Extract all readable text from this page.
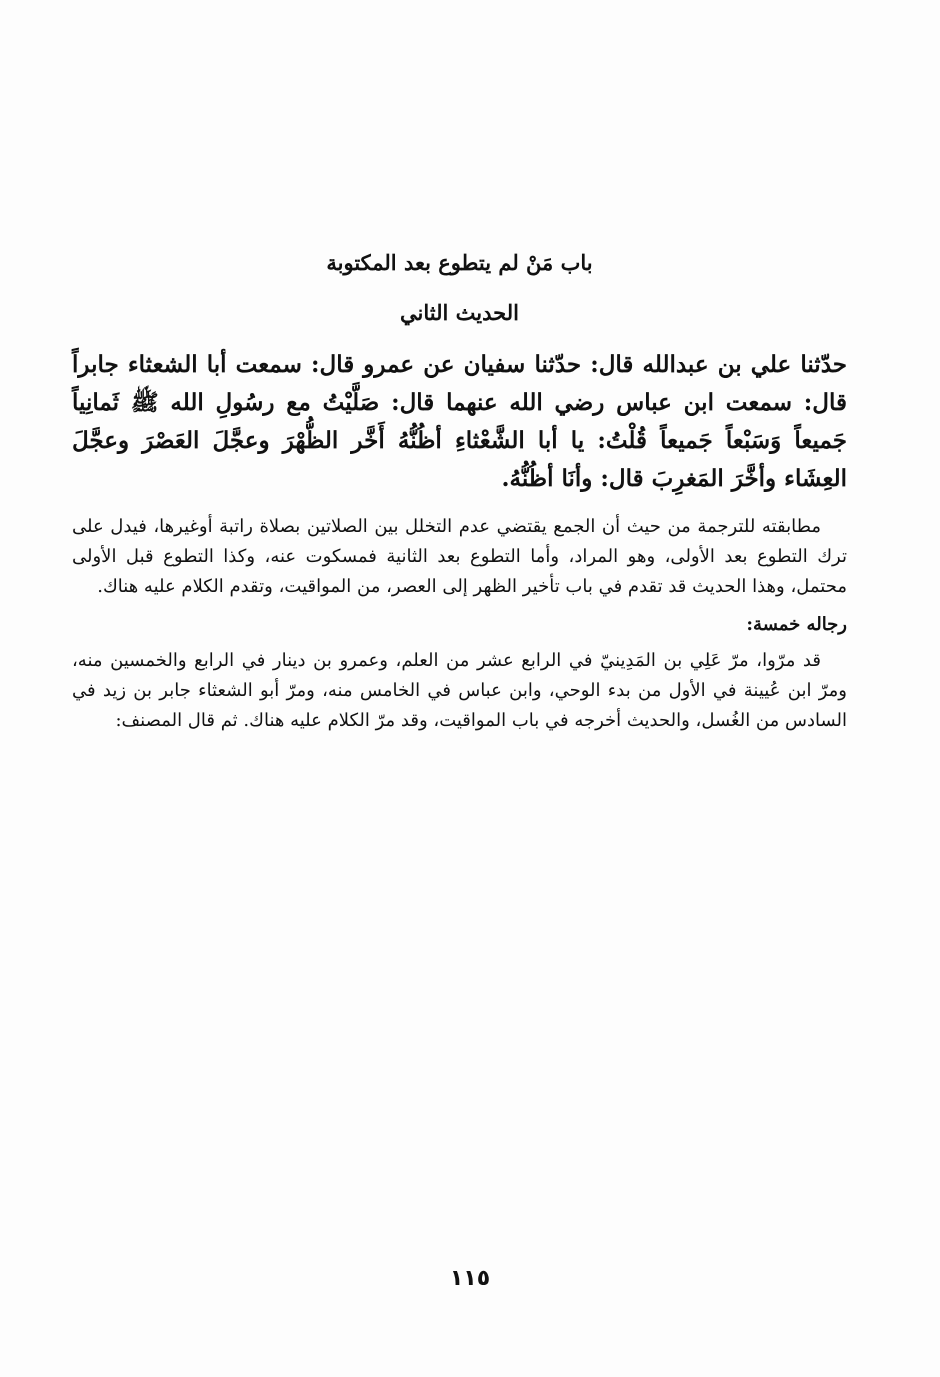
باب مَنْ لم يتطوع بعد المكتوبة

الحديث الثاني

حدّثنا علي بن عبدالله قال: حدّثنا سفيان عن عمرو قال: سمعت أبا الشعثاء جابراً قال: سمعت ابن عباس رضي الله عنهما قال: صَلَّيْتُ مع رسُولِ الله ﷺ ثَمانِياً جَميعاً وَسَبْعاً جَميعاً قُلْتُ: يا أبا الشَّعْثاءِ أظُنُّهُ أَخَّر الظُّهْرَ وعجَّلَ العَصْرَ وعجَّلَ العِشَاء وأخَّرَ المَغرِبَ قال: وأنَا أظُنُّهُ.

مطابقته للترجمة من حيث أن الجمع يقتضي عدم التخلل بين الصلاتين بصلاة راتبة أوغيرها، فيدل على ترك التطوع بعد الأولى، وهو المراد، وأما التطوع بعد الثانية فمسكوت عنه، وكذا التطوع قبل الأولى محتمل، وهذا الحديث قد تقدم في باب تأخير الظهر إلى العصر، من المواقيت، وتقدم الكلام عليه هناك.

رجاله خمسة:

قد مرّوا، مرّ عَلِي بن المَدِينيّ في الرابع عشر من العلم، وعمرو بن دينار في الرابع والخمسين منه، ومرّ ابن عُيينة في الأول من بدء الوحي، وابن عباس في الخامس منه، ومرّ أبو الشعثاء جابر بن زيد في السادس من الغُسل، والحديث أخرجه في باب المواقيت، وقد مرّ الكلام عليه هناك. ثم قال المصنف:

١١٥
